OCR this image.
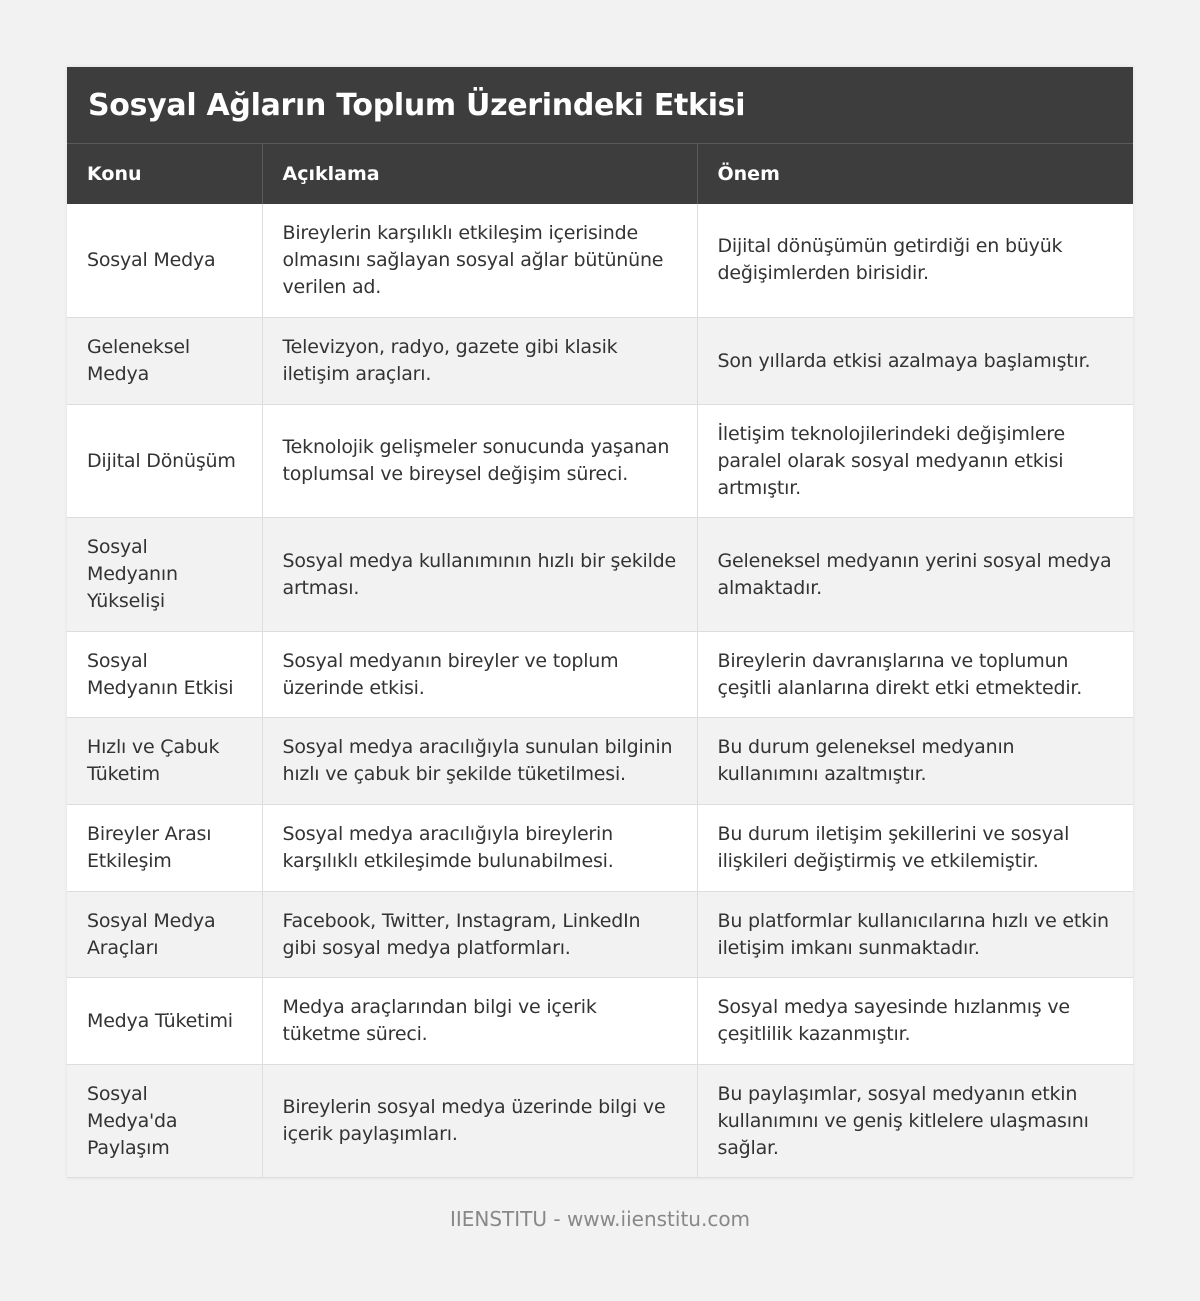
Sosyal Ağların Toplum Üzerindeki Etkisi
Konu	Açıklama	Önem
Sosyal Medya	Bireylerin karşılıklı etkileşim içerisinde olmasını sağlayan sosyal ağlar bütününe verilen ad.	Dijital dönüşümün getirdiği en büyük değişimlerden birisidir.
Geleneksel Medya	Televizyon, radyo, gazete gibi klasik iletişim araçları.	Son yıllarda etkisi azalmaya başlamıştır.
Dijital Dönüşüm	Teknolojik gelişmeler sonucunda yaşanan toplumsal ve bireysel değişim süreci.	İletişim teknolojilerindeki değişimlere paralel olarak sosyal medyanın etkisi artmıştır.
Sosyal Medyanın Yükselişi	Sosyal medya kullanımının hızlı bir şekilde artması.	Geleneksel medyanın yerini sosyal medya almaktadır.
Sosyal Medyanın Etkisi	Sosyal medyanın bireyler ve toplum üzerinde etkisi.	Bireylerin davranışlarına ve toplumun çeşitli alanlarına direkt etki etmektedir.
Hızlı ve Çabuk Tüketim	Sosyal medya aracılığıyla sunulan bilginin hızlı ve çabuk bir şekilde tüketilmesi.	Bu durum geleneksel medyanın kullanımını azaltmıştır.
Bireyler Arası Etkileşim	Sosyal medya aracılığıyla bireylerin karşılıklı etkileşimde bulunabilmesi.	Bu durum iletişim şekillerini ve sosyal ilişkileri değiştirmiş ve etkilemiştir.
Sosyal Medya Araçları	Facebook, Twitter, Instagram, LinkedIn gibi sosyal medya platformları.	Bu platformlar kullanıcılarına hızlı ve etkin iletişim imkanı sunmaktadır.
Medya Tüketimi	Medya araçlarından bilgi ve içerik tüketme süreci.	Sosyal medya sayesinde hızlanmış ve çeşitlilik kazanmıştır.
Sosyal Medya'da Paylaşım	Bireylerin sosyal medya üzerinde bilgi ve içerik paylaşımları.	Bu paylaşımlar, sosyal medyanın etkin kullanımını ve geniş kitlelere ulaşmasını sağlar.
IIENSTITU - www.iienstitu.com
